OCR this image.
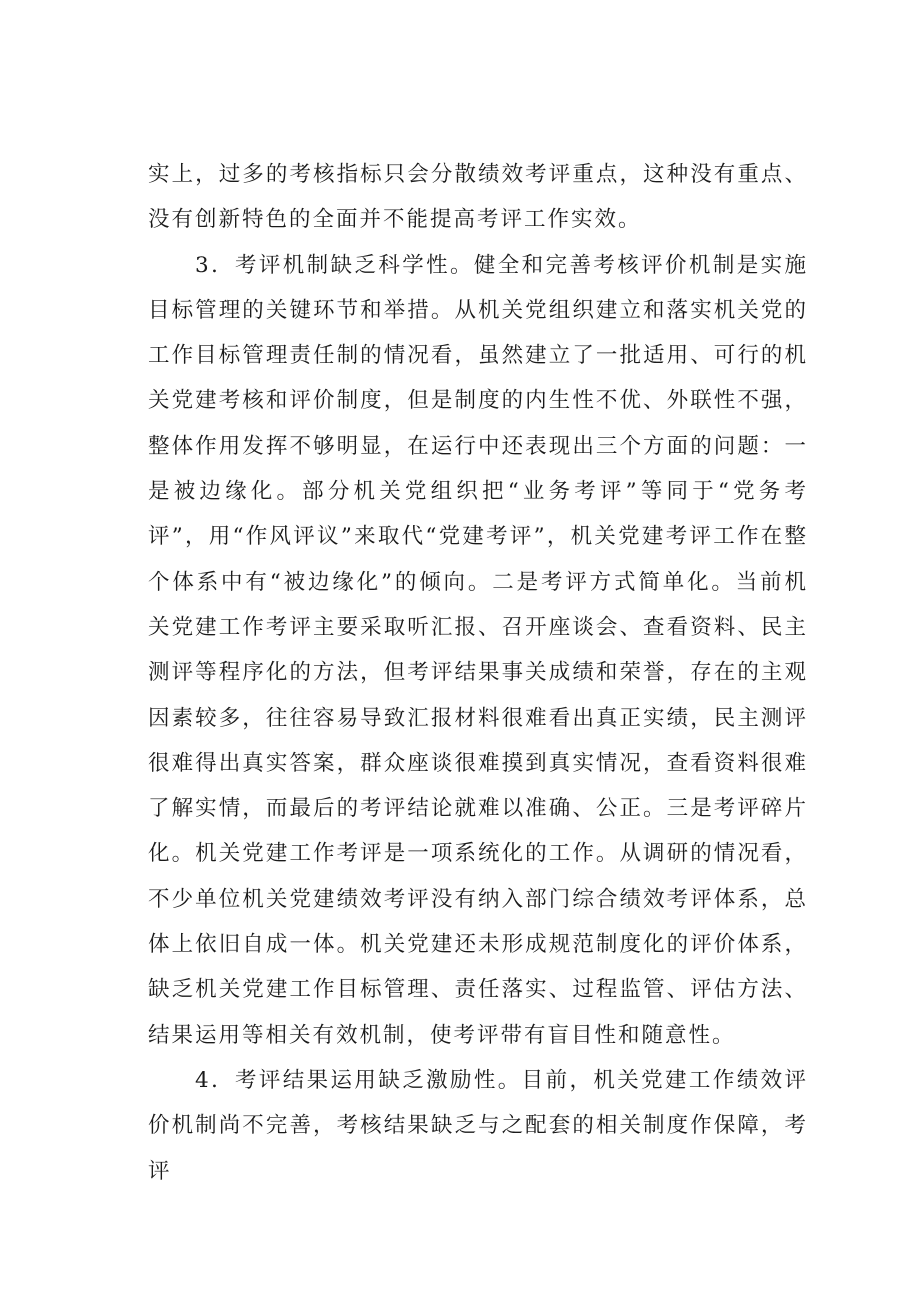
实上，过多的考核指标只会分散绩效考评重点，这种没有重点、没有创新特色的全面并不能提高考评工作实效。

3．考评机制缺乏科学性。健全和完善考核评价机制是实施目标管理的关键环节和举措。从机关党组织建立和落实机关党的工作目标管理责任制的情况看，虽然建立了一批适用、可行的机关党建考核和评价制度，但是制度的内生性不优、外联性不强，整体作用发挥不够明显，在运行中还表现出三个方面的问题：一是被边缘化。部分机关党组织把“业务考评”等同于“党务考评”，用“作风评议”来取代“党建考评”，机关党建考评工作在整个体系中有“被边缘化”的倾向。二是考评方式简单化。当前机关党建工作考评主要采取听汇报、召开座谈会、查看资料、民主测评等程序化的方法，但考评结果事关成绩和荣誉，存在的主观因素较多，往往容易导致汇报材料很难看出真正实绩，民主测评很难得出真实答案，群众座谈很难摸到真实情况，查看资料很难了解实情，而最后的考评结论就难以准确、公正。三是考评碎片化。机关党建工作考评是一项系统化的工作。从调研的情况看，不少单位机关党建绩效考评没有纳入部门综合绩效考评体系，总体上依旧自成一体。机关党建还未形成规范制度化的评价体系，缺乏机关党建工作目标管理、责任落实、过程监管、评估方法、结果运用等相关有效机制，使考评带有盲目性和随意性。

4．考评结果运用缺乏激励性。目前，机关党建工作绩效评价机制尚不完善，考核结果缺乏与之配套的相关制度作保障，考评
